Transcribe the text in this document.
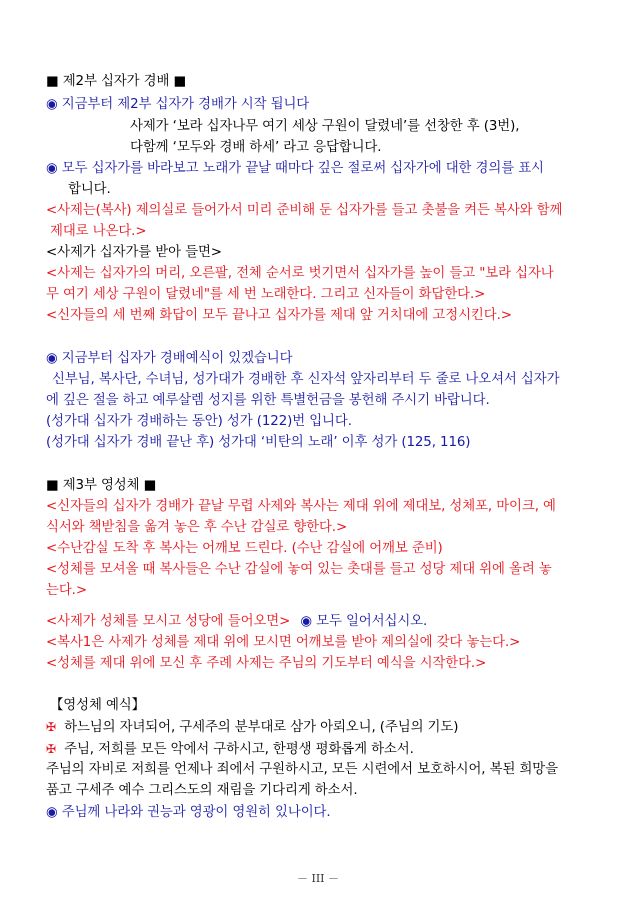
■ 제2부 십자가 경배 ■

◉ 지금부터 제2부 십자가 경배가 시작 됩니다

사제가 ‘보라 십자나무 여기 세상 구원이 달렸네’를 선창한 후 (3번),

다함께 ‘모두와 경배 하세’ 라고 응답합니다.

◉ 모두 십자가를 바라보고 노래가 끝날 때마다 깊은 절로써 십자가에 대한 경의를 표시

합니다.

<사제는(복사) 제의실로 들어가서 미리 준비해 둔 십자가를 들고 촛불을 켜든 복사와 함께

제대로 나온다.>

<사제가 십자가를 받아 들면>

<사제는 십자가의 머리, 오른팔, 전체 순서로 벗기면서 십자가를 높이 들고 "보라 십자나

무 여기 세상 구원이 달렸네"를 세 번 노래한다. 그리고 신자들이 화답한다.>

<신자들의 세 번째 화답이 모두 끝나고 십자가를 제대 앞 거치대에 고정시킨다.>

◉ 지금부터 십자가 경배예식이 있겠습니다

신부님, 복사단, 수녀님, 성가대가 경배한 후 신자석 앞자리부터 두 줄로 나오셔서 십자가

에 깊은 절을 하고 예루살렘 성지를 위한 특별헌금을 봉헌해 주시기 바랍니다.

(성가대 십자가 경배하는 동안) 성가 (122)번 입니다.

(성가대 십자가 경배 끝난 후) 성가대 ‘비탄의 노래’ 이후 성가 (125, 116)

■ 제3부 영성체 ■

<신자들의 십자가 경배가 끝날 무렵 사제와 복사는 제대 위에 제대보, 성체포, 마이크, 예

식서와 책받침을 옮겨 놓은 후 수난 감실로 향한다.>

<수난감실 도착 후 복사는 어깨보 드린다. (수난 감실에 어깨보 준비)

<성체를 모셔올 때 복사들은 수난 감실에 놓여 있는 촛대를 들고 성당 제대 위에 올려 놓

는다.>

<사제가 성체를 모시고 성당에 들어오면> ◉ 모두 일어서십시오.

<복사1은 사제가 성체를 제대 위에 모시면 어깨보를 받아 제의실에 갖다 놓는다.>

<성체를 제대 위에 모신 후 주례 사제는 주님의 기도부터 예식을 시작한다.>

【영성체 예식】

✠ 하느님의 자녀되어, 구세주의 분부대로 삼가 아뢰오니, (주님의 기도)

✠ 주님, 저희를 모든 악에서 구하시고, 한평생 평화롭게 하소서.

주님의 자비로 저희를 언제나 죄에서 구원하시고, 모든 시련에서 보호하시어, 복된 희망을

품고 구세주 예수 그리스도의 재림을 기다리게 하소서.

◉ 주님께 나라와 권능과 영광이 영원히 있나이다.

－ III －
